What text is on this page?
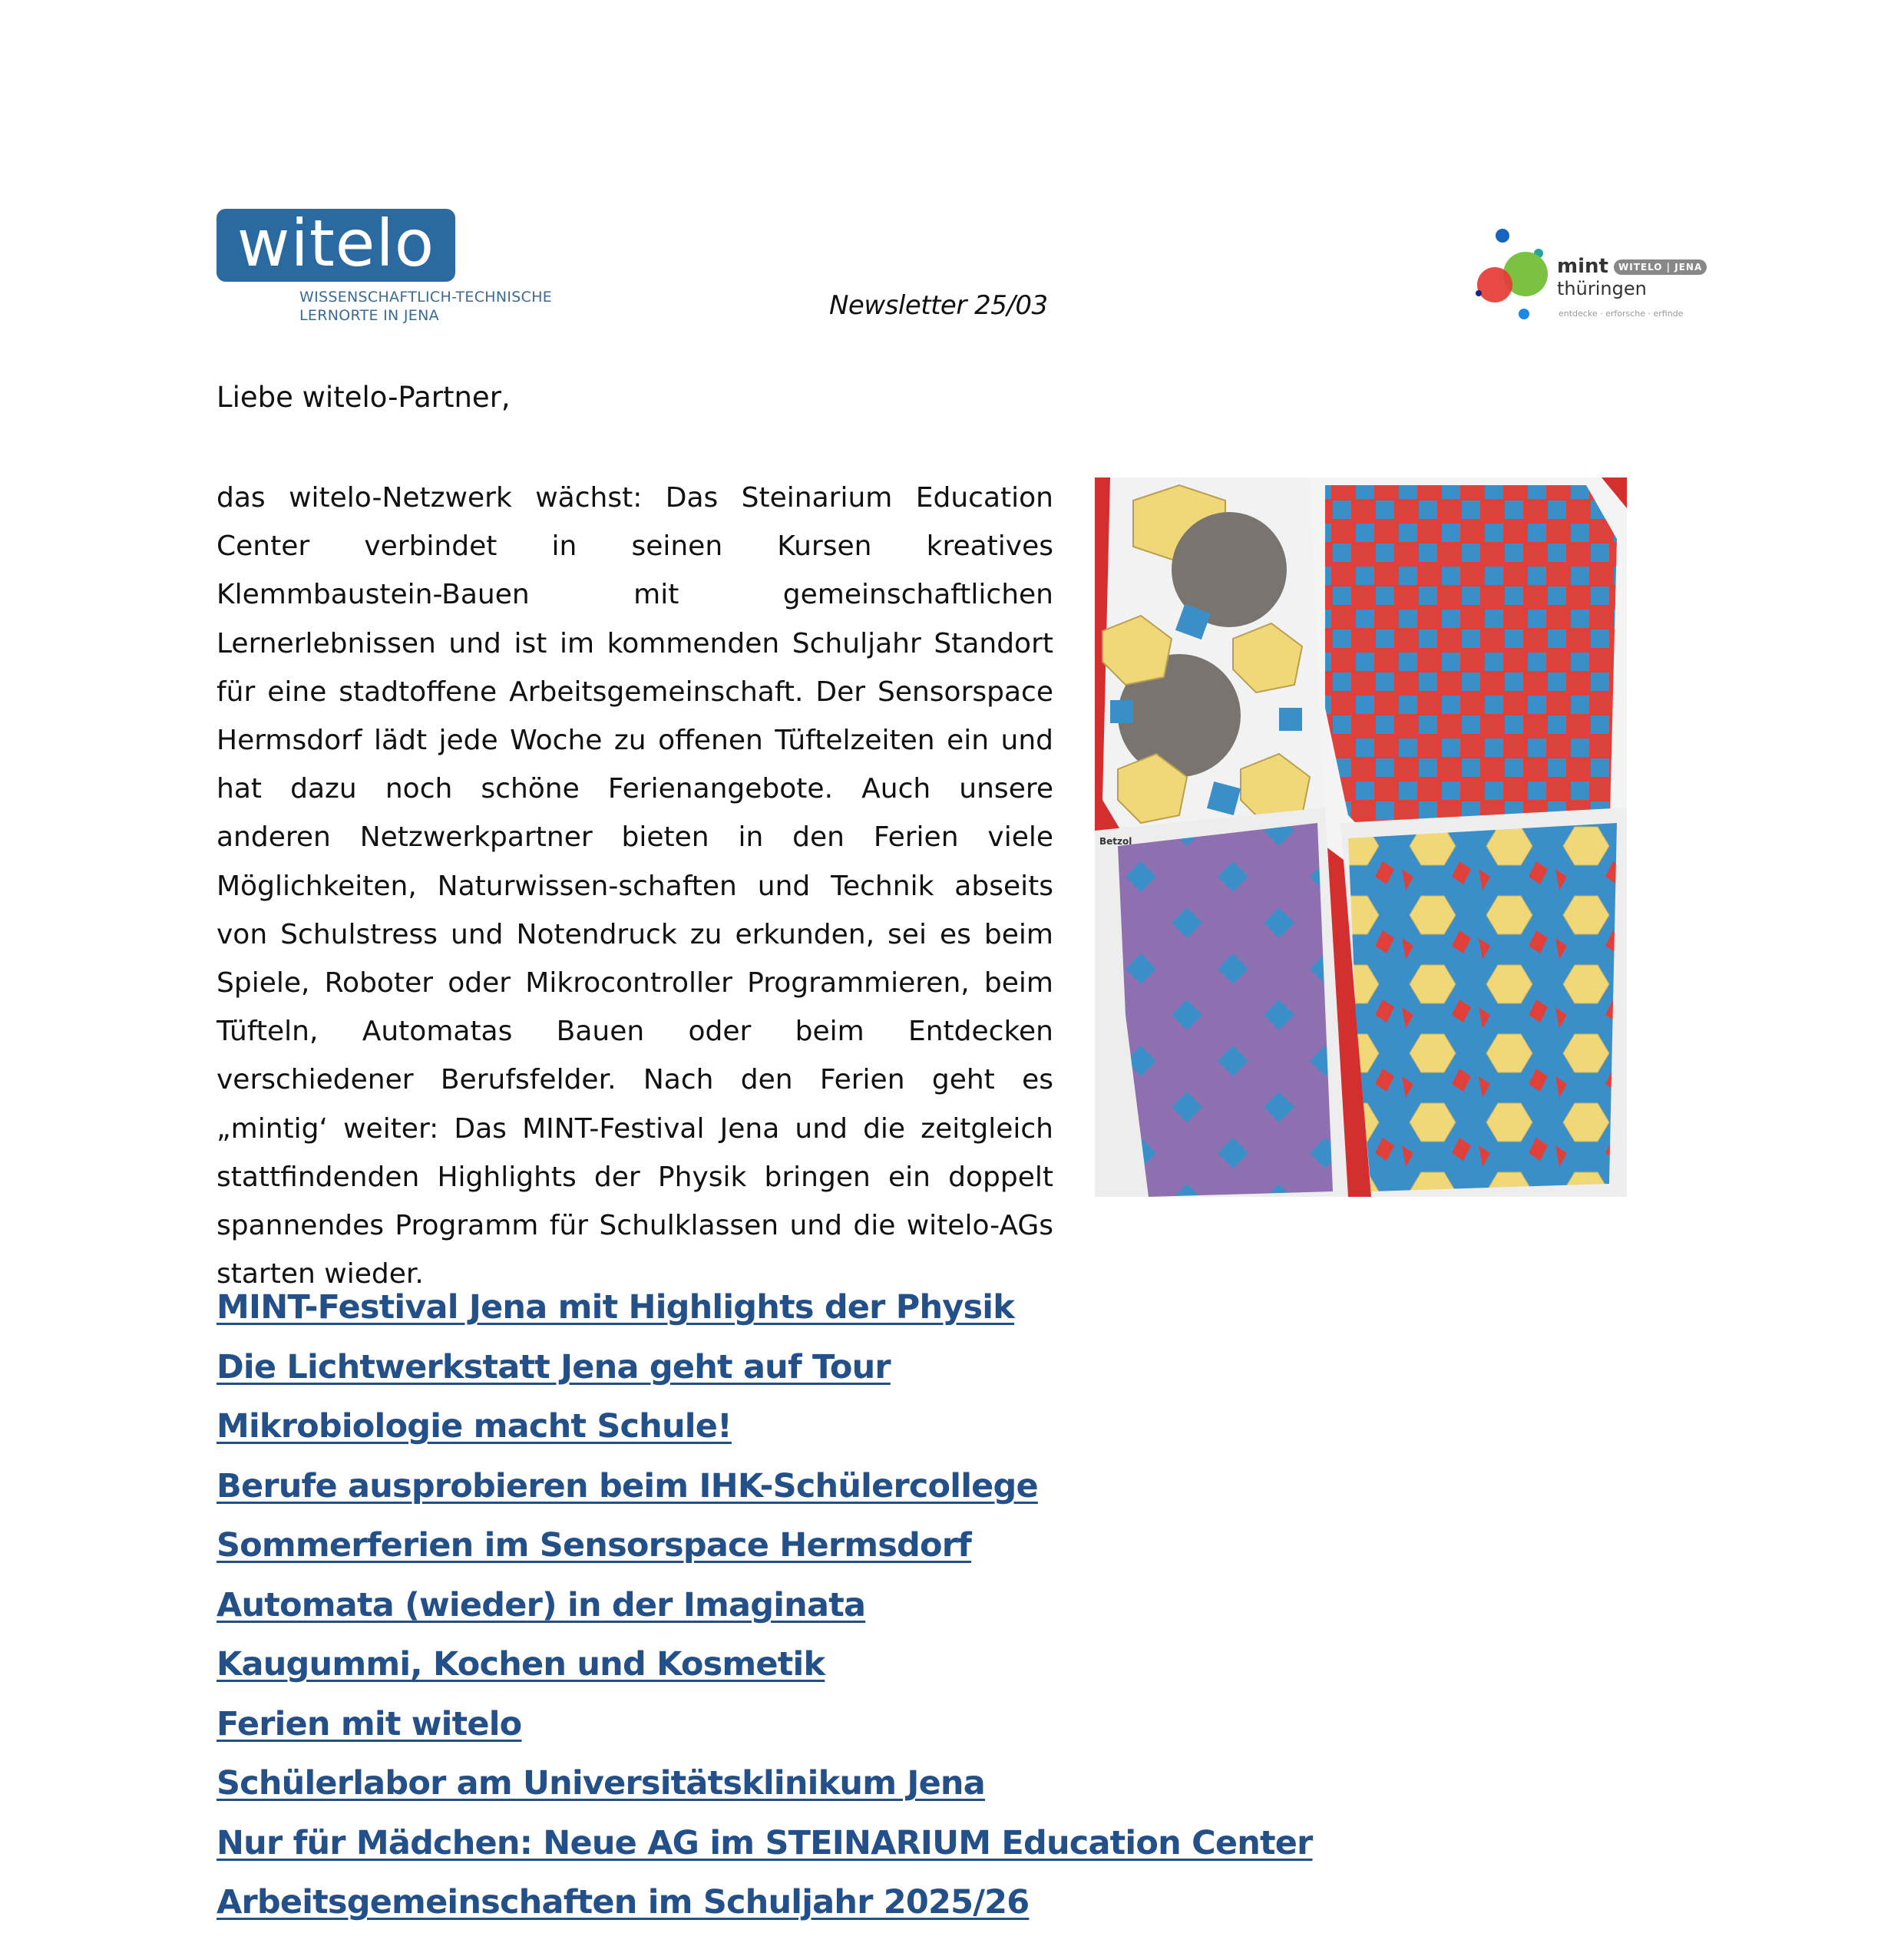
witelo
WISSENSCHAFTLICH-TECHNISCHE
LERNORTE IN JENA	Newsletter 25/03
mint	WITELO | JENA
thüringen
entdecke · erforsche · erfinde
Liebe witelo-Partner,

das witelo-Netzwerk wächst: Das Steinarium Education Center verbindet in seinen Kursen kreatives Klemmbaustein-Bauen mit gemeinschaftlichen Lernerlebnissen und ist im kommenden Schuljahr Standort für eine stadtoffene Arbeitsgemeinschaft. Der Sensorspace Hermsdorf lädt jede Woche zu offenen Tüftelzeiten ein und hat dazu noch schöne Ferienangebote. Auch unsere anderen Netzwerkpartner bieten in den Ferien viele Möglichkeiten, Naturwissen-schaften und Technik abseits von Schulstress und Notendruck zu erkunden, sei es beim Spiele, Roboter oder Mikrocontroller Programmieren, beim Tüfteln, Automatas Bauen oder beim Entdecken verschiedener Berufsfelder. Nach den Ferien geht es „mintig‘ weiter: Das MINT-Festival Jena und die zeitgleich stattfindenden Highlights der Physik bringen ein doppelt spannendes Programm für Schulklassen und die witelo-AGs starten wieder.

Betzol
MINT-Festival Jena mit Highlights der Physik
Die Lichtwerkstatt Jena geht auf Tour
Mikrobiologie macht Schule!
Berufe ausprobieren beim IHK-Schülercollege
Sommerferien im Sensorspace Hermsdorf
Automata (wieder) in der Imaginata
Kaugummi, Kochen und Kosmetik
Ferien mit witelo
Schülerlabor am Universitätsklinikum Jena
Nur für Mädchen: Neue AG im STEINARIUM Education Center
Arbeitsgemeinschaften im Schuljahr 2025/26
